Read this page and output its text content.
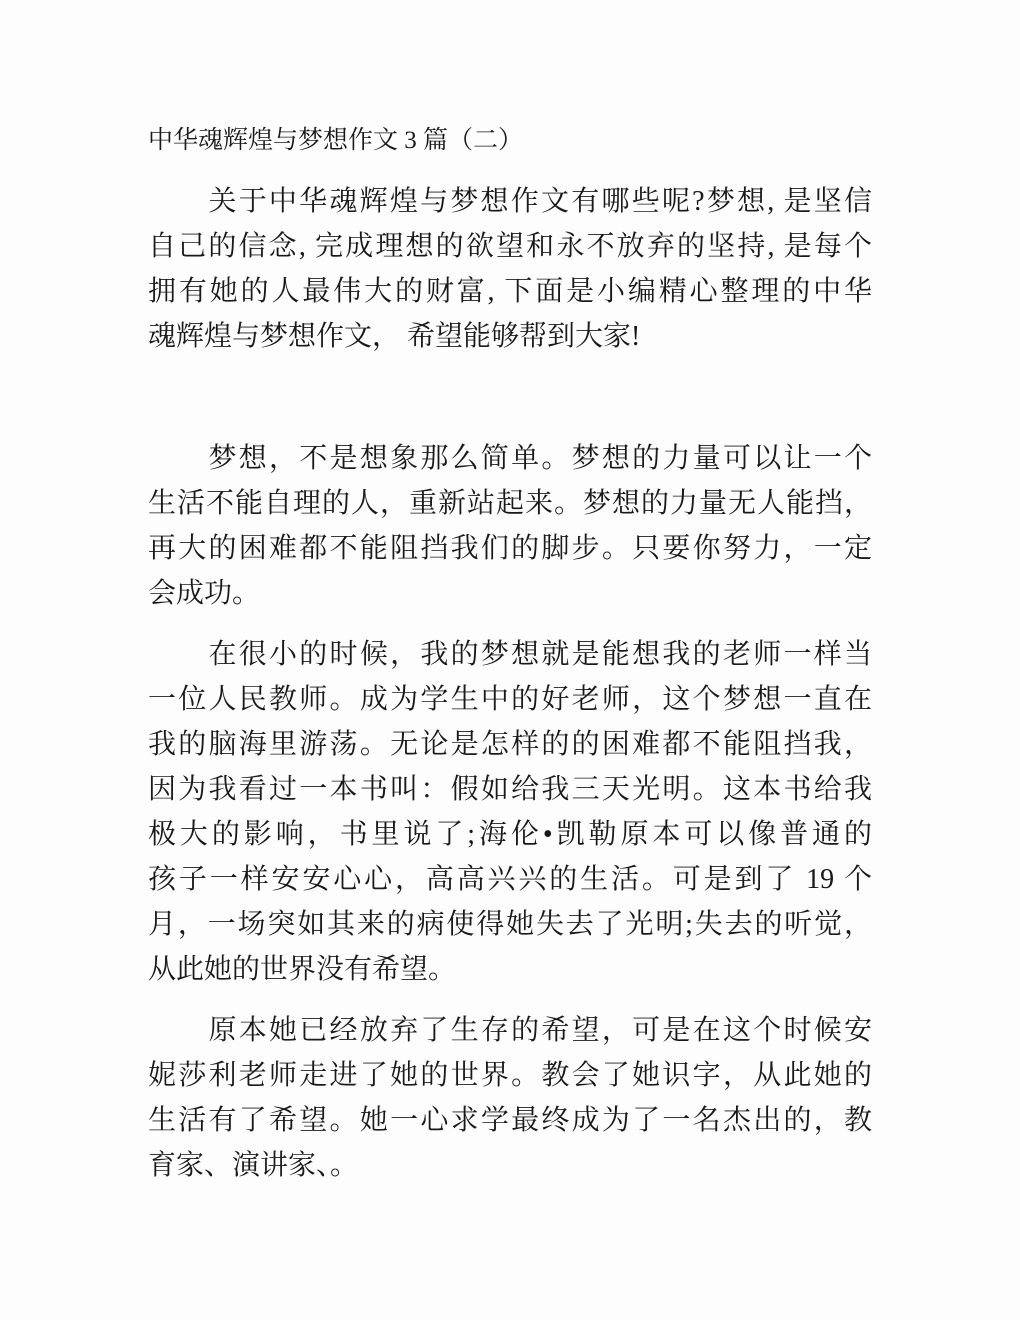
中华魂辉煌与梦想作文 3 篇（二）
　　关于中华魂辉煌与梦想作文有哪些呢?梦想, 是坚信
自己的信念, 完成理想的欲望和永不放弃的坚持, 是每个
拥有她的人最伟大的财富, 下面是小编精心整理的中华
魂辉煌与梦想作文， 希望能够帮到大家!
　　梦想，不是想象那么简单。梦想的力量可以让一个
生活不能自理的人，重新站起来。梦想的力量无人能挡，
再大的困难都不能阻挡我们的脚步。只要你努力，一定
会成功。
　　在很小的时候，我的梦想就是能想我的老师一样当
一位人民教师。成为学生中的好老师，这个梦想一直在
我的脑海里游荡。无论是怎样的的困难都不能阻挡我，
因为我看过一本书叫：假如给我三天光明。这本书给我
极大的影响，书里说了;海伦•凯勒原本可以像普通的
孩子一样安安心心，高高兴兴的生活。可是到了 19 个
月，一场突如其来的病使得她失去了光明;失去的听觉，
从此她的世界没有希望。
　　原本她已经放弃了生存的希望，可是在这个时候安
妮莎利老师走进了她的世界。教会了她识字，从此她的
生活有了希望。她一心求学最终成为了一名杰出的，教
育家、演讲家、。
